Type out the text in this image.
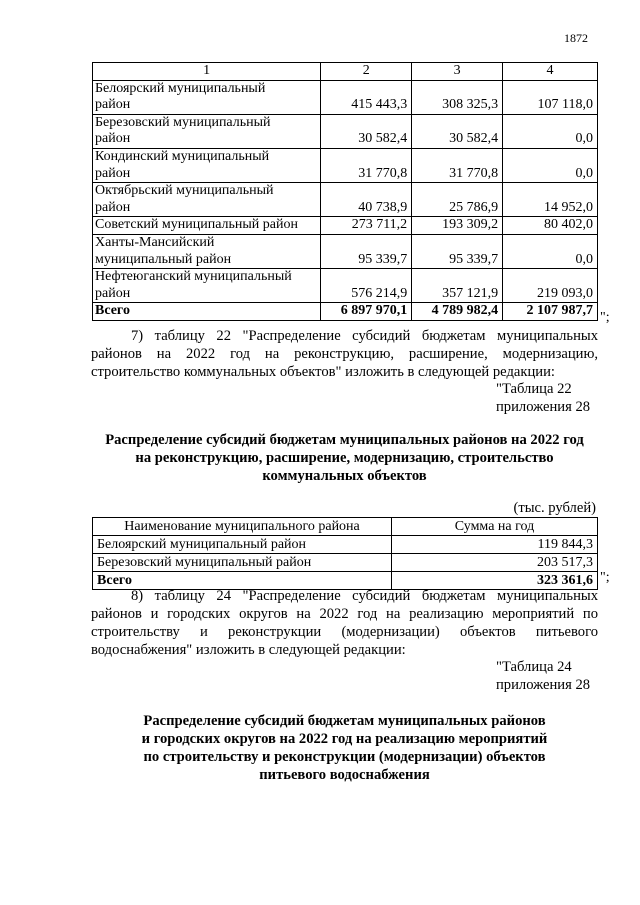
1872
1	2	3	4
Белоярский муниципальный
район	415 443,3	308 325,3	107 118,0
Березовский муниципальный
район	30 582,4	30 582,4	0,0
Кондинский муниципальный
район	31 770,8	31 770,8	0,0
Октябрьский муниципальный
район	40 738,9	25 786,9	14 952,0
Советский муниципальный район	273 711,2	193 309,2	80 402,0
Ханты-Мансийский
муниципальный район	95 339,7	95 339,7	0,0
Нефтеюганский муниципальный
район	576 214,9	357 121,9	219 093,0
Всего	6 897 970,1	4 789 982,4	2 107 987,7 ";
7) таблицу 22 "Распределение субсидий бюджетам муниципальных
районов на 2022 год на реконструкцию, расширение, модернизацию,
строительство коммунальных объектов" изложить в следующей редакции:
"Таблица 22
приложения 28
Распределение субсидий бюджетам муниципальных районов на 2022 год
на реконструкцию, расширение, модернизацию, строительство
коммунальных объектов
(тыс. рублей)
Наименование муниципального района	Сумма на год
Белоярский муниципальный район	119 844,3
Березовский муниципальный район	203 517,3
Всего	323 361,6 ";
8) таблицу 24 "Распределение субсидий бюджетам муниципальных
районов и городских округов на 2022 год на реализацию мероприятий по
строительству и реконструкции (модернизации) объектов питьевого
водоснабжения" изложить в следующей редакции:
"Таблица 24
приложения 28
Распределение субсидий бюджетам муниципальных районов
и городских округов на 2022 год на реализацию мероприятий
по строительству и реконструкции (модернизации) объектов
питьевого водоснабжения
